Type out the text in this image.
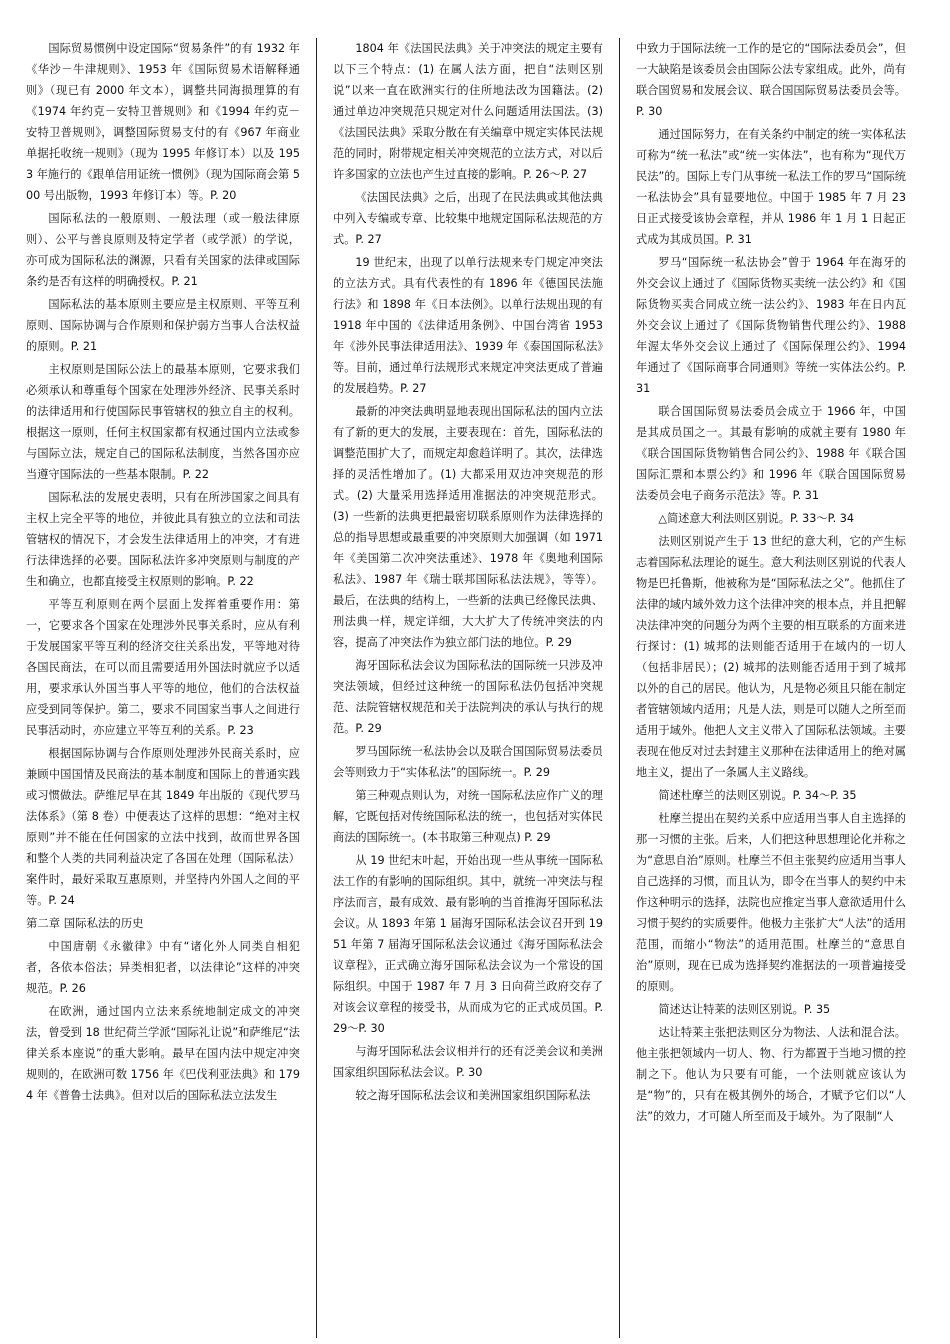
国际贸易惯例中设定国际“贸易条件”的有 1932 年《华沙－牛津规则》、1953 年《国际贸易术语解释通则》（现已有 2000 年文本），调整共同海损理算的有《1974 年约克－安特卫普规则》和《1994 年约克－安特卫普规则》，调整国际贸易支付的有《967 年商业单据托收统一规则》（现为 1995 年修订本）以及 1953 年施行的《跟单信用证统一惯例》（现为国际商会第 500 号出版物，1993 年修订本）等。P. 20

国际私法的一般原则、一般法理（或一般法律原则）、公平与善良原则及特定学者（或学派）的学说，亦可成为国际私法的渊源，只看有关国家的法律或国际条约是否有这样的明确授权。P. 21

国际私法的基本原则主要应是主权原则、平等互利原则、国际协调与合作原则和保护弱方当事人合法权益的原则。P. 21

主权原则是国际公法上的最基本原则，它要求我们必须承认和尊重每个国家在处理涉外经济、民事关系时的法律适用和行使国际民事管辖权的独立自主的权利。根据这一原则，任何主权国家都有权通过国内立法或参与国际立法，规定自己的国际私法制度，当然各国亦应当遵守国际法的一些基本限制。P. 22

国际私法的发展史表明，只有在所涉国家之间具有主权上完全平等的地位，并彼此具有独立的立法和司法管辖权的情况下，才会发生法律适用上的冲突，才有进行法律选择的必要。国际私法许多冲突原则与制度的产生和确立，也都直接受主权原则的影响。P. 22

平等互利原则在两个层面上发挥着重要作用：第一，它要求各个国家在处理涉外民事关系时，应从有利于发展国家平等互利的经济交往关系出发，平等地对待各国民商法，在可以而且需要适用外国法时就应予以适用，要求承认外国当事人平等的地位，他们的合法权益应受到同等保护。第二，要求不同国家当事人之间进行民事活动时，亦应建立平等互利的关系。P. 23

根据国际协调与合作原则处理涉外民商关系时，应兼顾中国国情及民商法的基本制度和国际上的普通实践或习惯做法。萨维尼早在其 1849 年出版的《现代罗马法体系》（第 8 卷）中便表达了这样的思想：“绝对主权原则”并不能在任何国家的立法中找到，故而世界各国和整个人类的共同利益决定了各国在处理（国际私法）案件时，最好采取互惠原则，并坚持内外国人之间的平等。P. 24

第二章 国际私法的历史

中国唐朝《永徽律》中有“诸化外人同类自相犯者，各依本俗法；异类相犯者，以法律论”这样的冲突规范。P. 26

在欧洲，通过国内立法来系统地制定成文的冲突法，曾受到 18 世纪荷兰学派“国际礼让说”和萨维尼“法律关系本座说”的重大影响。最早在国内法中规定冲突规则的，在欧洲可数 1756 年《巴伐利亚法典》和 1794 年《普鲁士法典》。但对以后的国际私法立法发生

1804 年《法国民法典》关于冲突法的规定主要有以下三个特点：(1) 在属人法方面，把自“法则区别说”以来一直在欧洲实行的住所地法改为国籍法。(2) 通过单边冲突规范只规定对什么问题适用法国法。(3)《法国民法典》采取分散在有关编章中规定实体民法规范的同时，附带规定相关冲突规范的立法方式，对以后许多国家的立法也产生过直接的影响。P. 26～P. 27

《法国民法典》之后，出现了在民法典或其他法典中列入专编或专章、比较集中地规定国际私法规范的方式。P. 27

19 世纪末，出现了以单行法规来专门规定冲突法的立法方式。具有代表性的有 1896 年《德国民法施行法》和 1898 年《日本法例》。以单行法规出现的有 1918 年中国的《法律适用条例》、中国台湾省 1953 年《涉外民事法律适用法》、1939 年《泰国国际私法》等。目前，通过单行法规形式来规定冲突法更成了普遍的发展趋势。P. 27

最新的冲突法典明显地表现出国际私法的国内立法有了新的更大的发展，主要表现在：首先，国际私法的调整范围扩大了，而规定却愈趋详明了。其次，法律选择的灵活性增加了。(1) 大都采用双边冲突规范的形式。(2) 大量采用选择适用准据法的冲突规范形式。(3) 一些新的法典更把最密切联系原则作为法律选择的总的指导思想或最重要的冲突原则大加强调（如 1971 年《美国第二次冲突法重述》、1978 年《奥地利国际私法》、1987 年《瑞士联邦国际私法法规》，等等）。最后，在法典的结构上，一些新的法典已经像民法典、刑法典一样，规定详细，大大扩大了传统冲突法的内容，提高了冲突法作为独立部门法的地位。P. 29

海牙国际私法会议为国际私法的国际统一只涉及冲突法领域，但经过这种统一的国际私法仍包括冲突规范、法院管辖权规范和关于法院判决的承认与执行的规范。P. 29

罗马国际统一私法协会以及联合国国际贸易法委员会等则致力于“实体私法”的国际统一。P. 29

第三种观点则认为，对统一国际私法应作广义的理解，它既包括对传统国际私法的统一，也包括对实体民商法的国际统一。(本书取第三种观点) P. 29

从 19 世纪末叶起，开始出现一些从事统一国际私法工作的有影响的国际组织。其中，就统一冲突法与程序法而言，最有成效、最有影响的当首推海牙国际私法会议。从 1893 年第 1 届海牙国际私法会议召开到 1951 年第 7 届海牙国际私法会议通过《海牙国际私法会议章程》，正式确立海牙国际私法会议为一个常设的国际组织。中国于 1987 年 7 月 3 日向荷兰政府交存了对该会议章程的接受书，从而成为它的正式成员国。P. 29～P. 30

与海牙国际私法会议相并行的还有泛美会议和美洲国家组织国际私法会议。P. 30

较之海牙国际私法会议和美洲国家组织国际私法

中致力于国际法统一工作的是它的“国际法委员会”，但一大缺陷是该委员会由国际公法专家组成。此外，尚有联合国贸易和发展会议、联合国国际贸易法委员会等。P. 30

通过国际努力，在有关条约中制定的统一实体私法可称为“统一私法”或“统一实体法”，也有称为“现代万民法”的。国际上专门从事统一私法工作的罗马“国际统一私法协会”具有显要地位。中国于 1985 年 7 月 23 日正式接受该协会章程，并从 1986 年 1 月 1 日起正式成为其成员国。P. 31

罗马“国际统一私法协会”曾于 1964 年在海牙的外交会议上通过了《国际货物买卖统一法公约》和《国际货物买卖合同成立统一法公约》、1983 年在日内瓦外交会议上通过了《国际货物销售代理公约》、1988 年渥太华外交会议上通过了《国际保理公约》、1994 年通过了《国际商事合同通则》等统一实体法公约。P. 31

联合国国际贸易法委员会成立于 1966 年，中国是其成员国之一。其最有影响的成就主要有 1980 年《联合国国际货物销售合同公约》、1988 年《联合国国际汇票和本票公约》和 1996 年《联合国国际贸易法委员会电子商务示范法》等。P. 31

△简述意大利法则区别说。P. 33～P. 34

法则区别说产生于 13 世纪的意大利，它的产生标志着国际私法理论的诞生。意大利法则区别说的代表人物是巴托鲁斯，他被称为是“国际私法之父”。他抓住了法律的域内域外效力这个法律冲突的根本点，并且把解决法律冲突的问题分为两个主要的相互联系的方面来进行探讨：(1) 城邦的法则能否适用于在域内的一切人（包括非居民）；(2) 城邦的法则能否适用于到了城邦以外的自己的居民。他认为，凡是物必须且只能在制定者管辖领域内适用；凡是人法，则是可以随人之所至而适用于域外。他把人文主义带入了国际私法领域。主要表现在他反对过去封建主义那种在法律适用上的绝对属地主义，提出了一条属人主义路线。

简述杜摩兰的法则区别说。P. 34～P. 35

杜摩兰提出在契约关系中应适用当事人自主选择的那一习惯的主张。后来，人们把这种思想理论化并称之为“意思自治”原则。杜摩兰不但主张契约应适用当事人自己选择的习惯，而且认为，即令在当事人的契约中未作这种明示的选择，法院也应推定当事人意欲适用什么习惯于契约的实质要件。他极力主张扩大“人法”的适用范围，而缩小“物法”的适用范围。杜摩兰的“意思自治”原则，现在已成为选择契约准据法的一项普遍接受的原则。

简述达让特莱的法则区别说。P. 35

达让特莱主张把法则区分为物法、人法和混合法。他主张把领域内一切人、物、行为都置于当地习惯的控制之下。他认为只要有可能，一个法则就应该认为是“物”的，只有在极其例外的场合，才赋予它们以“人法”的效力，才可随人所至而及于域外。为了限制“人
